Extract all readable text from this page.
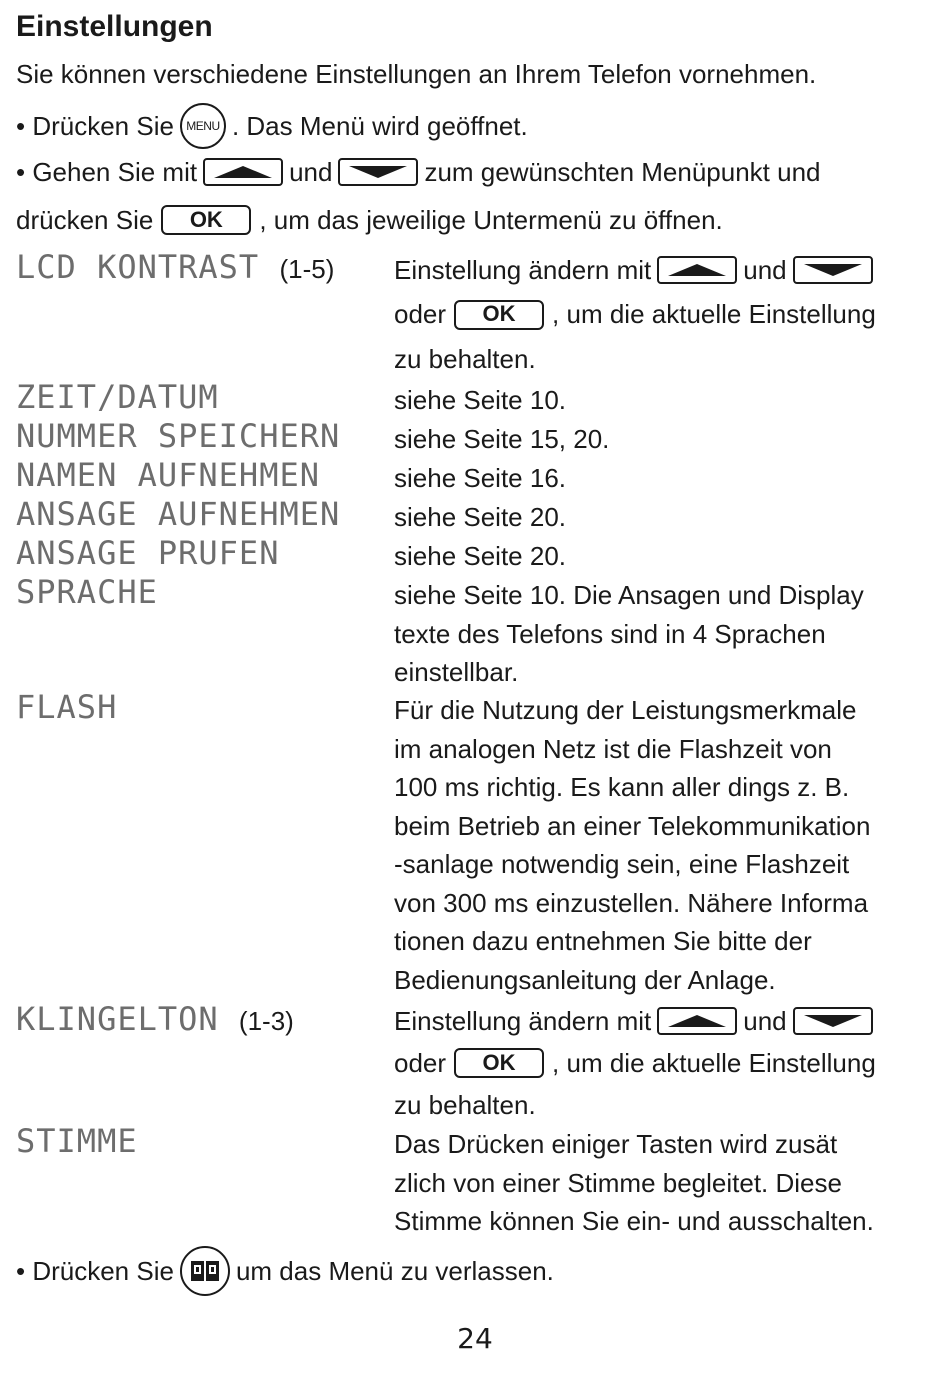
Einstellungen
Sie können verschiedene Einstellungen an Ihrem Telefon vornehmen.
• Drücken Sie MENU . Das Menü wird geöffnet.
• Gehen Sie mit	und	zum gewünschten Menüpunkt und
drücken Sie OK , um das jeweilige Untermenü zu öffnen.
LCD KONTRAST (1-5) Einstellung ändern mit	und
oder OK , um die aktuelle Einstellung
zu behalten.
ZEIT/DATUM	siehe Seite 10.
NUMMER SPEICHERN siehe Seite 15, 20.
NAMEN AUFNEHMEN	siehe Seite 16.
ANSAGE AUFNEHMEN siehe Seite 20.
ANSAGE PRUFEN	siehe Seite 20.
SPRACHE	siehe Seite 10. Die Ansagen und Display
texte des Telefons sind in 4 Sprachen
einstellbar.
FLASH	Für die Nutzung der Leistungsmerkmale
im analogen Netz ist die Flashzeit von
100 ms richtig. Es kann aller dings z. B.
beim Betrieb an einer Telekommunikation
-sanlage notwendig sein, eine Flashzeit
von 300 ms einzustellen. Nähere Informa
tionen dazu entnehmen Sie bitte der
Bedienungsanleitung der Anlage.
KLINGELTON (1-3)	Einstellung ändern mit	und
oder OK , um die aktuelle Einstellung
zu behalten.
STIMME	Das Drücken einiger Tasten wird zusät
zlich von einer Stimme begleitet. Diese
Stimme können Sie ein- und ausschalten.
• Drücken Sie um das Menü zu verlassen.
24
